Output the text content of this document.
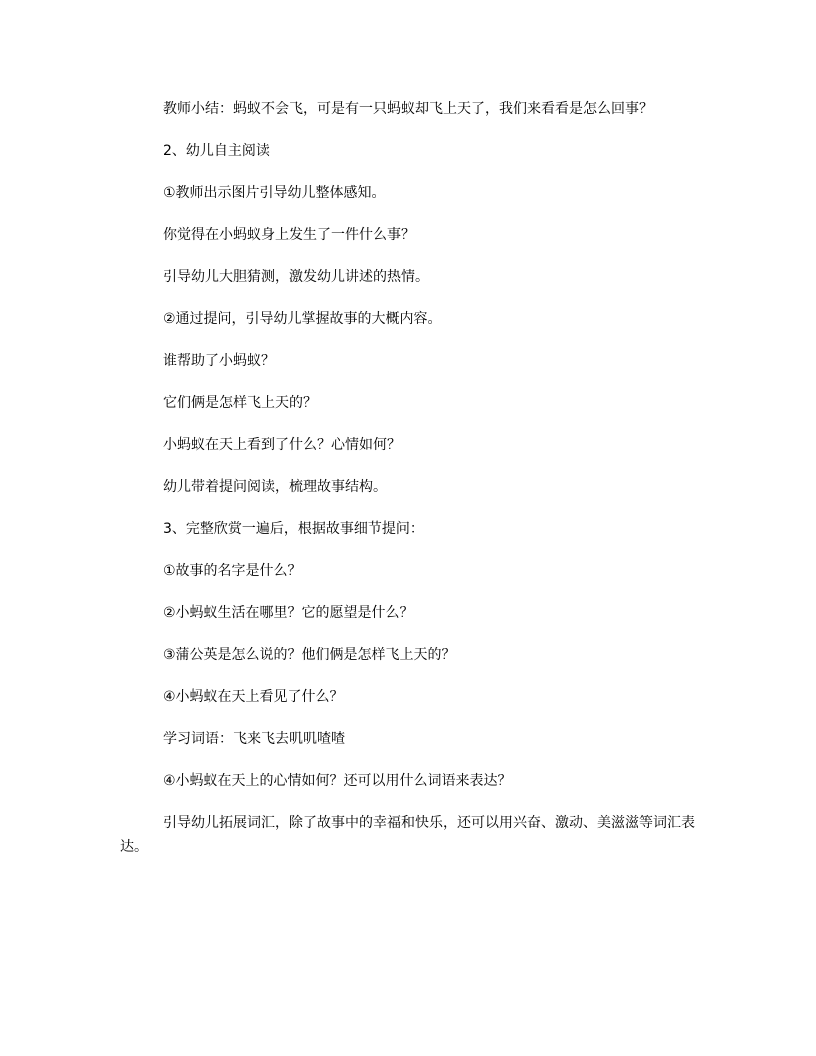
教师小结：蚂蚁不会飞，可是有一只蚂蚁却飞上天了，我们来看看是怎么回事？

2、幼儿自主阅读

①教师出示图片引导幼儿整体感知。

你觉得在小蚂蚁身上发生了一件什么事？

引导幼儿大胆猜测，激发幼儿讲述的热情。

②通过提问，引导幼儿掌握故事的大概内容。

谁帮助了小蚂蚁？

它们俩是怎样飞上天的？

小蚂蚁在天上看到了什么？心情如何？

幼儿带着提问阅读，梳理故事结构。

3、完整欣赏一遍后，根据故事细节提问：

①故事的名字是什么？

②小蚂蚁生活在哪里？它的愿望是什么？

③蒲公英是怎么说的？他们俩是怎样飞上天的？

④小蚂蚁在天上看见了什么？

学习词语：飞来飞去叽叽喳喳

④小蚂蚁在天上的心情如何？还可以用什么词语来表达？

引导幼儿拓展词汇，除了故事中的幸福和快乐，还可以用兴奋、激动、美滋滋等词汇表达。
